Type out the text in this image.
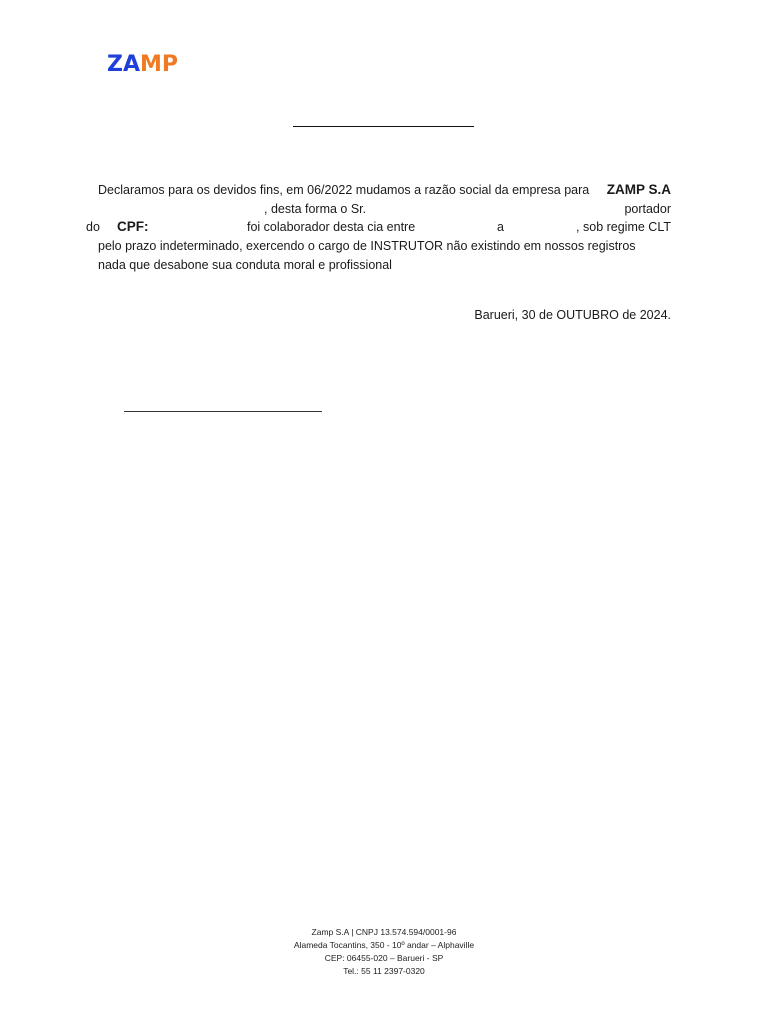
Z A M P
Declaramos para os devidos fins, em 06/2022 mudamos a razão social da empresa para ZAMP S.A
, desta forma o Sr.	portador
do CPF:	foi colaborador desta cia entre	a	, sob regime CLT
pelo prazo indeterminado, exercendo o cargo de INSTRUTOR não existindo em nossos registros
nada que desabone sua conduta moral e profissional
Barueri, 30 de OUTUBRO de 2024.
Zamp S.A | CNPJ 13.574.594/0001-96
Alameda Tocantins, 350 - 10º andar – Alphaville
CEP: 06455-020 – Barueri - SP
Tel.: 55 11 2397-0320
